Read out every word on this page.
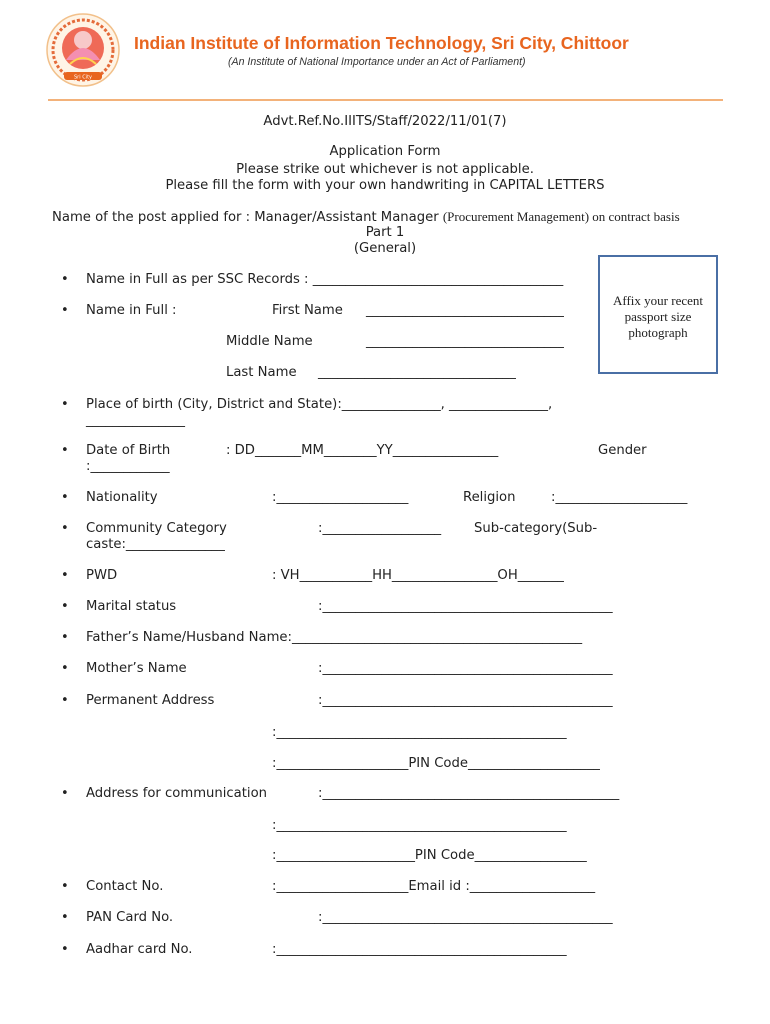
Sri City
Indian Institute of Information Technology, Sri City, Chittoor
(An Institute of National Importance under an Act of Parliament)
Advt.Ref.No.IIITS/Staff/2022/11/01(7)
Application Form
Please strike out whichever is not applicable.
Please fill the form with your own handwriting in CAPITAL LETTERS
Name of the post applied for : Manager/Assistant Manager (Procurement Management) on contract basis
Part 1
(General)
Affix your recent passport size photograph
•
•
•
•
•
•
•
•
•
•
•
•
•
•
•
Name in Full as per SSC Records : ______________________________________
Name in Full :	First Name ______________________________
Middle Name	______________________________
Last Name ______________________________
Place of birth (City, District and State):_______________, _______________,
_______________
Date of Birth	: DD_______MM________YY________________	Gender
:____________
Nationality	:____________________	Religion	:____________________
Community Category	:__________________ Sub-category(Sub-
caste:_______________
PWD	: VH___________HH________________OH_______
Marital status	:____________________________________________
Father’s Name/Husband Name:____________________________________________
Mother’s Name	:____________________________________________
Permanent Address	:____________________________________________
:____________________________________________
:____________________PIN Code____________________
Address for communication	:_____________________________________________
:____________________________________________
:_____________________PIN Code_________________
Contact No.	:____________________Email id :___________________
PAN Card No.	:____________________________________________
Aadhar card No.	:____________________________________________
